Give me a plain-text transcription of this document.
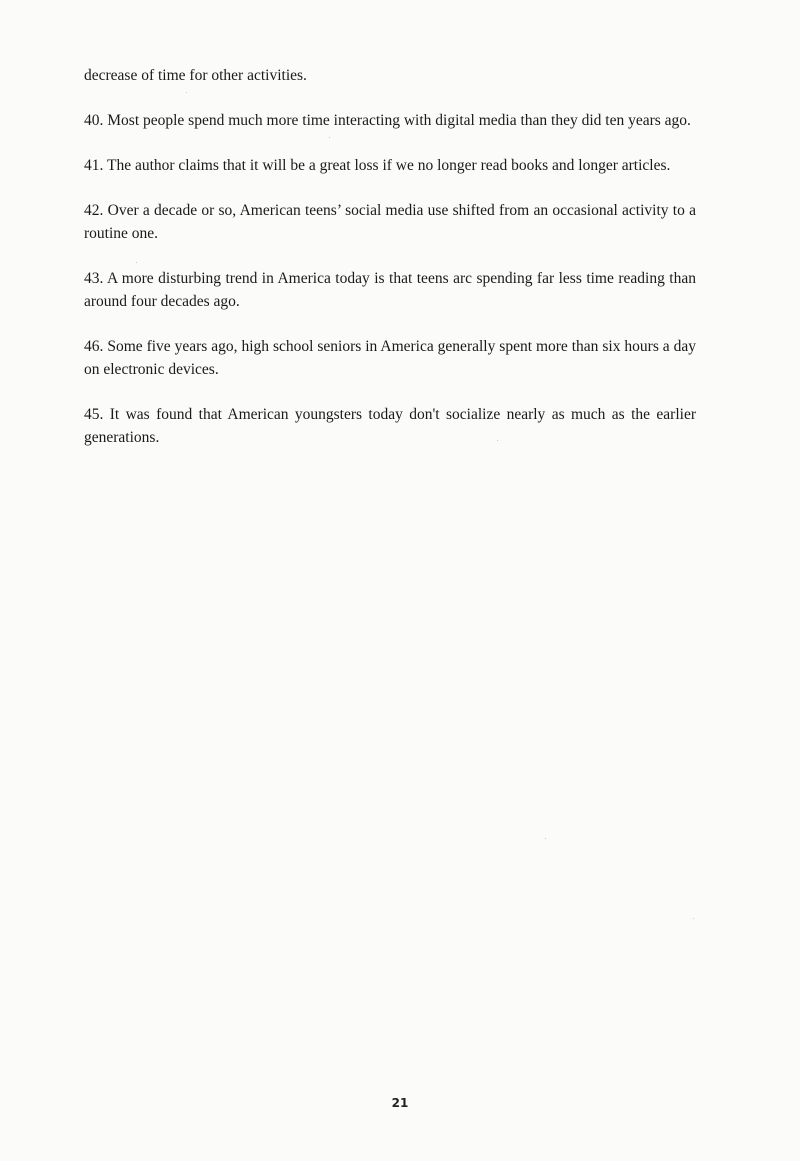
decrease of time for other activities.

40. Most people spend much more time interacting with digital media than they did ten years ago.

41. The author claims that it will be a great loss if we no longer read books and longer articles.

42. Over a decade or so, American teens’ social media use shifted from an occasional activity to a routine one.

43. A more disturbing trend in America today is that teens arc spending far less time reading than around four decades ago.

46. Some five years ago, high school seniors in America generally spent more than six hours a day on electronic devices.

45. It was found that American youngsters today don't socialize nearly as much as the earlier generations.

21
